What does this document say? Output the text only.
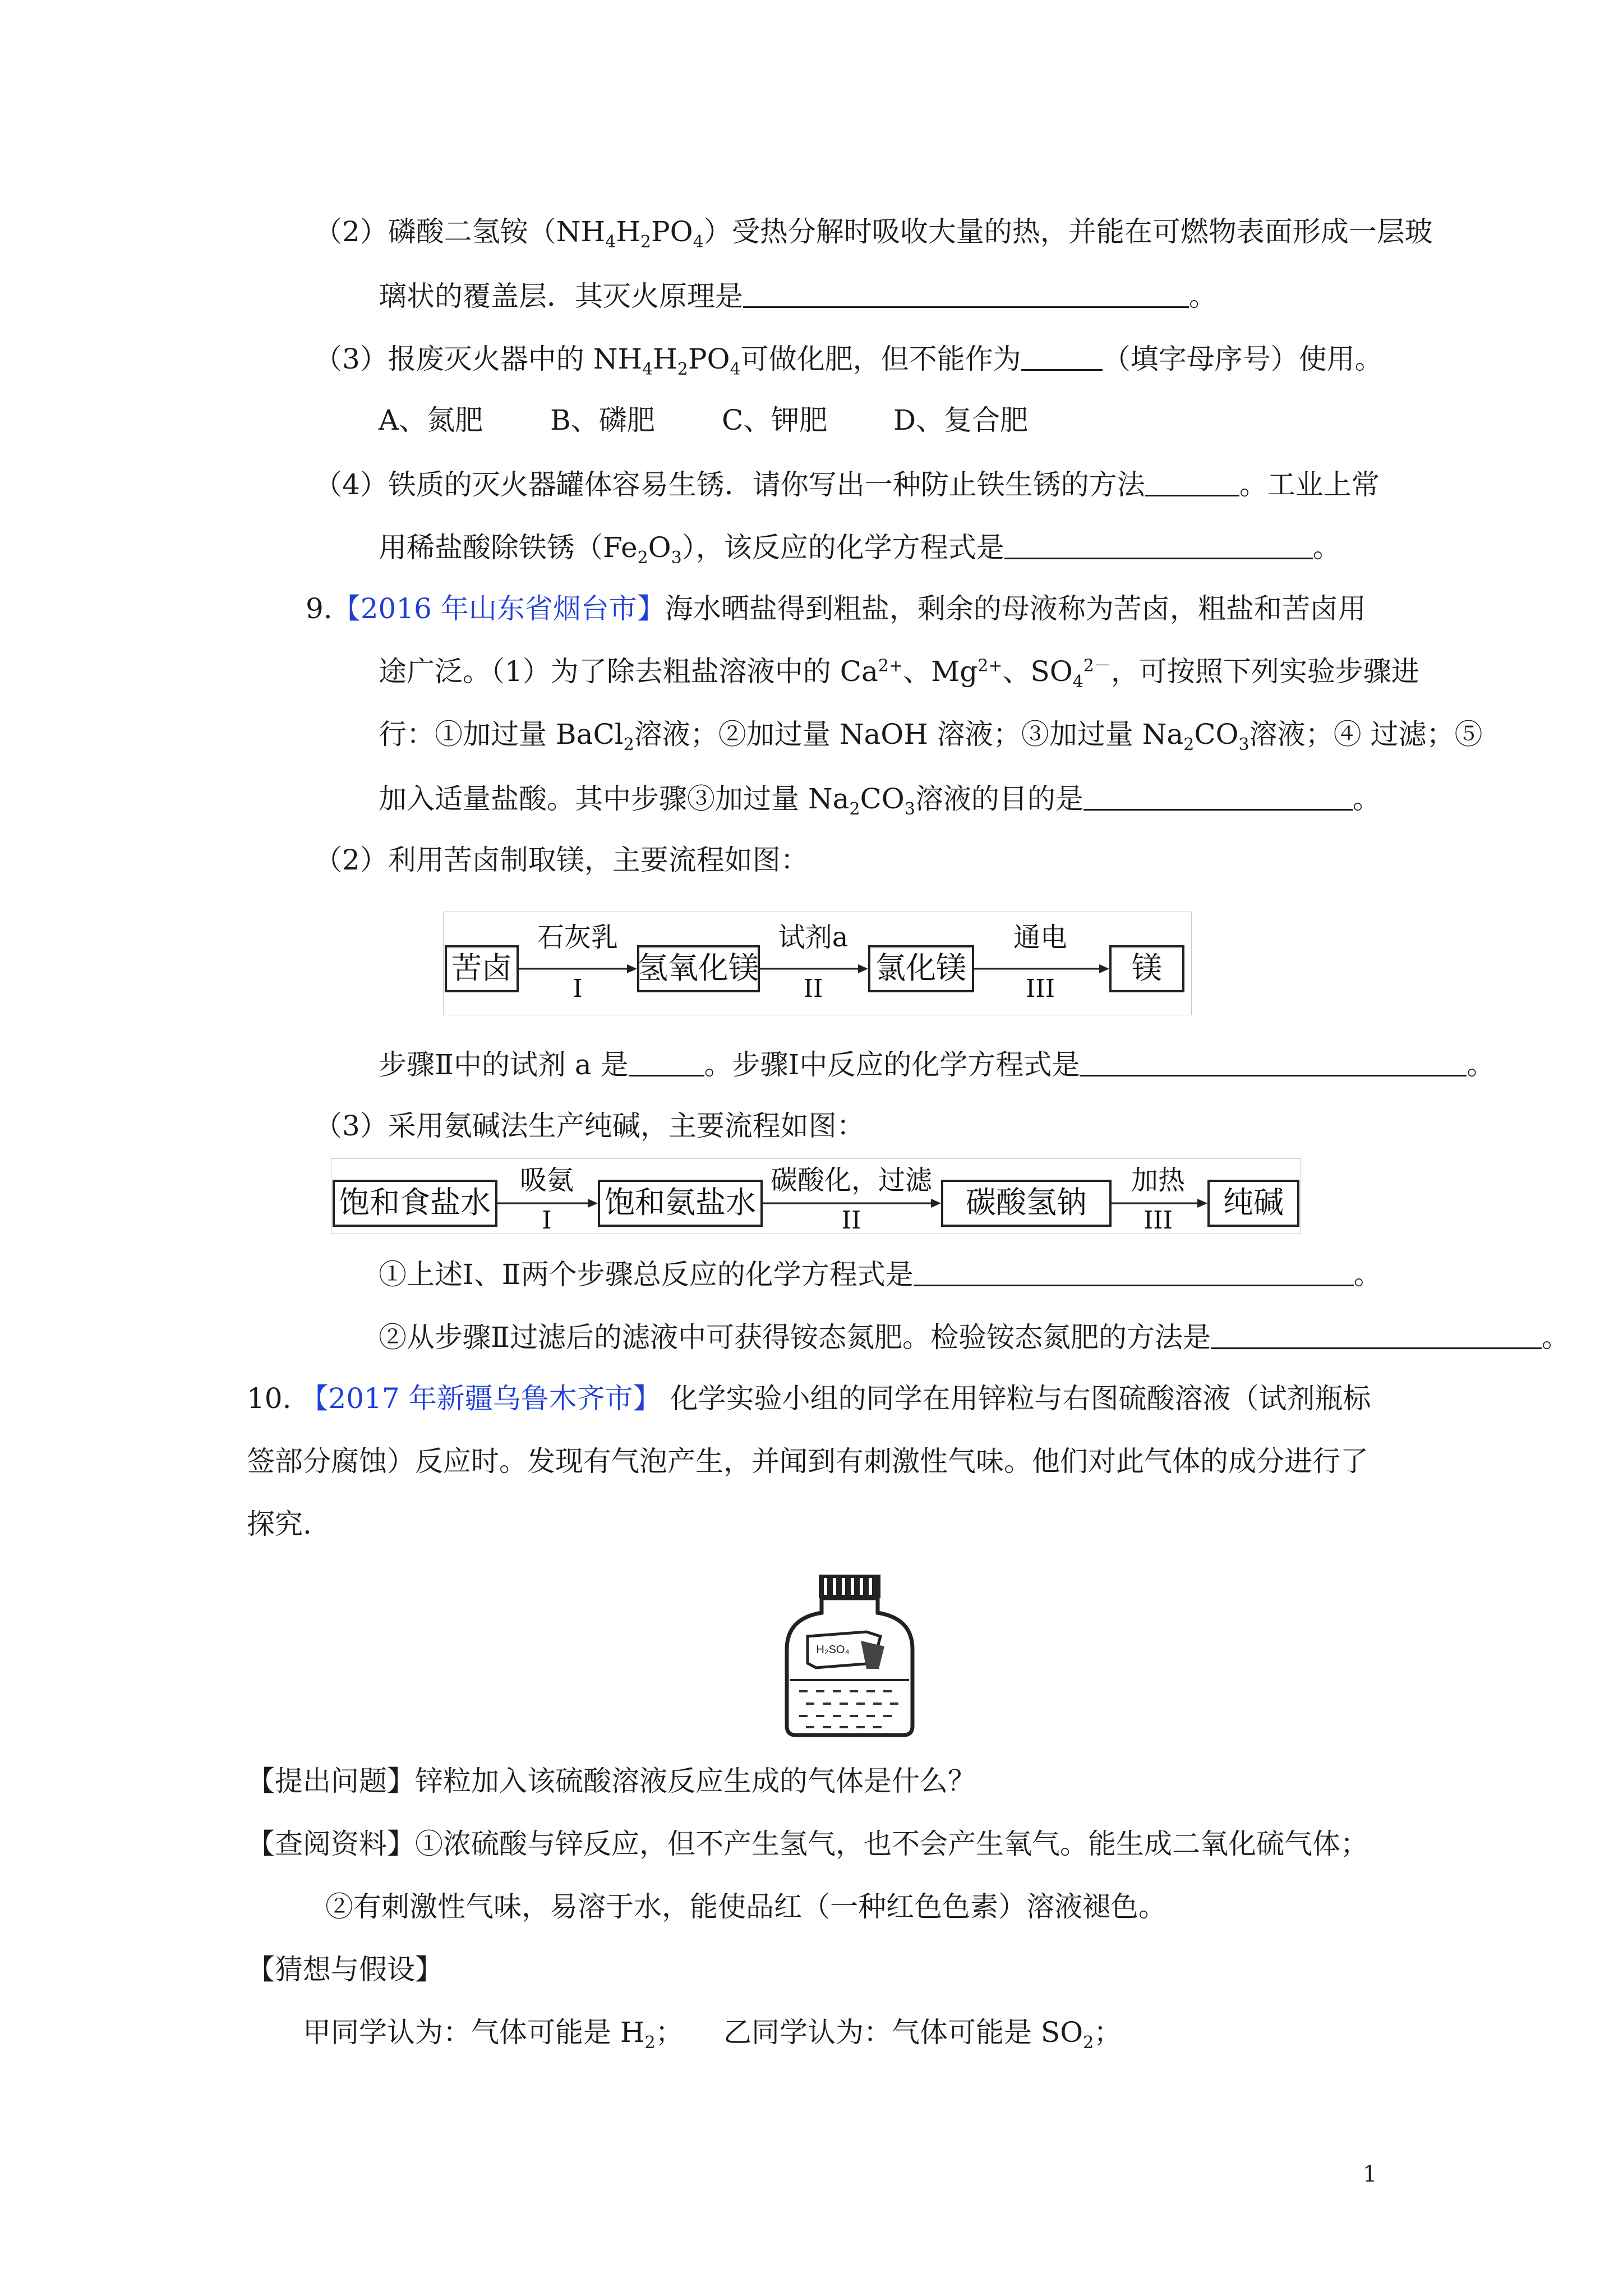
（2）磷酸二氢铵$(NH_4H_2PO_4)$受热分解时吸收大量的热，并能在可燃物表面形成一层玻
璃状的覆盖层．其灭火原理是	。
（3）报废灭火器中的 $NH_4H_2PO_4$可做化肥，但不能作为	（填字母序号）使用。
A、氮肥 B、磷肥 C、钾肥 D、复合肥
（4）铁质的灭火器罐体容易生锈．请你写出一种防止铁生锈的方法	。工业上常
用稀盐酸除铁锈$(Fe_2O_3)$，该反应的化学方程式是	。
9.【2016 年山东省烟台市】海水晒盐得到粗盐，剩余的母液称为苦卤，粗盐和苦卤用
途广泛。（1）为了除去粗盐溶液中的 $Ca^{2+}$、$Mg^{2+}$、$SO_4^{2-}$，可按照下列实验步骤进
行：①加过量 BaCl$_2$溶液；②加过量 NaOH 溶液；③加过量 $Na_2CO_3$溶液；④ 过滤；⑤
加入适量盐酸。其中步骤③加过量 $Na_2CO_3$溶液的目的是	。
（2）利用苦卤制取镁，主要流程如图：
苦卤	氢氧化镁	氯化镁	镁
石灰乳
I
试剂a
II
通电
III
步骤Ⅱ中的试剂 a 是	。步骤Ⅰ中反应的化学方程式是	。
（3）采用氨碱法生产纯碱，主要流程如图：
饱和食盐水	饱和氨盐水	碳酸氢钠	纯碱
吸氨
I
碳酸化，过滤
II
加热
III
①上述Ⅰ、Ⅱ两个步骤总反应的化学方程式是	。
②从步骤Ⅱ过滤后的滤液中可获得铵态氮肥。检验铵态氮肥的方法是	。
10. 【2017 年新疆乌鲁木齐市】 化学实验小组的同学在用锌粒与右图硫酸溶液（试剂瓶标
签部分腐蚀）反应时。发现有气泡产生，并闻到有刺激性气味。他们对此气体的成分进行了
探究.
H₂SO₄
【提出问题】锌粒加入该硫酸溶液反应生成的气体是什么？
【查阅资料】①浓硫酸与锌反应，但不产生氢气，也不会产生氧气。能生成二氧化硫气体；
②有刺激性气味，易溶于水，能使品红（一种红色色素）溶液褪色。
【猜想与假设】
甲同学认为：气体可能是 $H_2$； 乙同学认为：气体可能是 $SO_2$；
1
